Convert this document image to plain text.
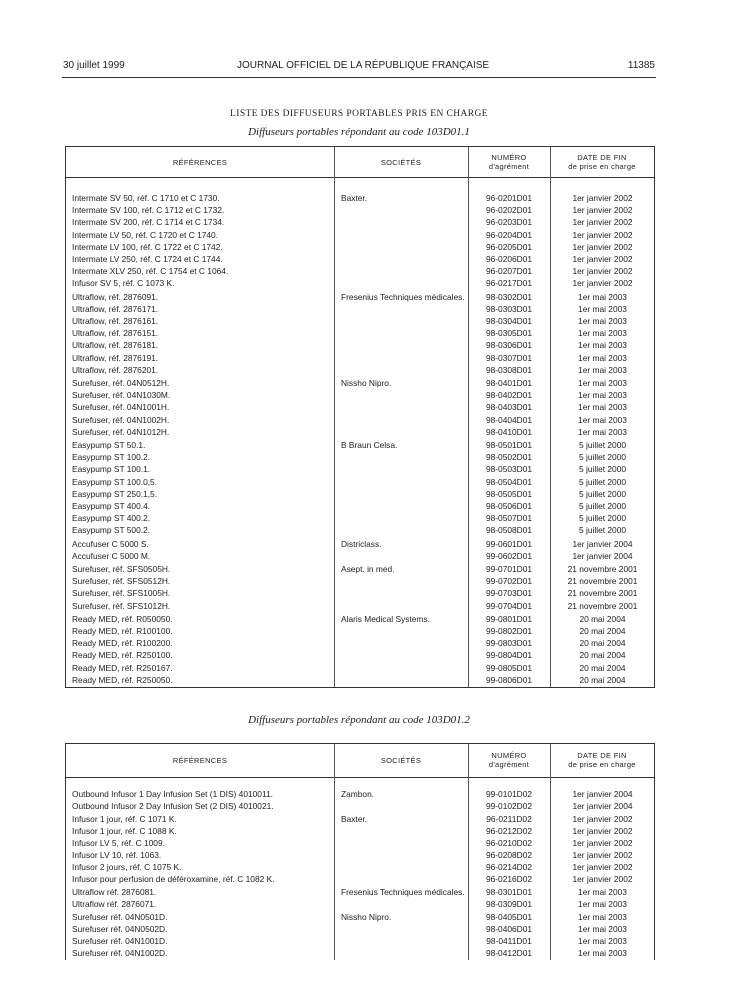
30 juillet 1999	JOURNAL OFFICIEL DE LA RÉPUBLIQUE FRANÇAISE	11385
LISTE DES DIFFUSEURS PORTABLES PRIS EN CHARGE
Diffuseurs portables répondant au code 103D01.1
RÉFÉRENCES	SOCIÉTÉS
NUMÉRO
d'agrément
DATE DE FIN
de prise en charge
Intermate SV 50, réf. C 1710 et C 1730.	Baxter.	96-0201D01	1er janvier 2002
Intermate SV 100, réf. C 1712 et C 1732.	96-0202D01	1er janvier 2002
Intermate SV 200, réf. C 1714 et C 1734.	96-0203D01	1er janvier 2002
Intermate LV 50, réf. C 1720 et C 1740.	96-0204D01	1er janvier 2002
Intermate LV 100, réf. C 1722 et C 1742.	96-0205D01	1er janvier 2002
Intermate LV 250, réf. C 1724 et C 1744.	96-0206D01	1er janvier 2002
Intermate XLV 250, réf. C 1754 et C 1064.	96-0207D01	1er janvier 2002
Infusor SV 5, réf. C 1073 K.	96-0217D01	1er janvier 2002
Ultraflow, réf. 2876091.	Fresenius Techniques médicales.	98-0302D01	1er mai 2003
Ultraflow, réf. 2876171.	98-0303D01	1er mai 2003
Ultraflow, réf. 2876161.	98-0304D01	1er mai 2003
Ultraflow, réf. 2876151.	98-0305D01	1er mai 2003
Ultraflow, réf. 2876181.	98-0306D01	1er mai 2003
Ultraflow, réf. 2876191.	98-0307D01	1er mai 2003
Ultraflow, réf. 2876201.	98-0308D01	1er mai 2003
Surefuser, réf. 04N0512H.	Nissho Nipro.	98-0401D01	1er mai 2003
Surefuser, réf. 04N1030M.	98-0402D01	1er mai 2003
Surefuser, réf. 04N1001H.	98-0403D01	1er mai 2003
Surefuser, réf. 04N1002H.	98-0404D01	1er mai 2003
Surefuser, réf. 04N1012H.	98-0410D01	1er mai 2003
Easypump ST 50.1.	B Braun Celsa.	98-0501D01	5 juillet 2000
Easypump ST 100.2.	98-0502D01	5 juillet 2000
Easypump ST 100.1.	98-0503D01	5 juillet 2000
Easypump ST 100.0,5.	98-0504D01	5 juillet 2000
Easypump ST 250.1,5.	98-0505D01	5 juillet 2000
Easypump ST 400.4.	98-0506D01	5 juillet 2000
Easypump ST 400.2.	98-0507D01	5 juillet 2000
Easypump ST 500.2.	98-0508D01	5 juillet 2000
Accufuser C 5000 S.	Districlass.	99-0601D01	1er janvier 2004
Accufuser C 5000 M.	99-0602D01	1er janvier 2004
Surefuser, réf. SFS0505H.	Asept. in med.	99-0701D01	21 novembre 2001
Surefuser, réf. SFS0512H.	99-0702D01	21 novembre 2001
Surefuser, réf. SFS1005H.	99-0703D01	21 novembre 2001
Surefuser, réf. SFS1012H.	99-0704D01	21 novembre 2001
Ready MED, réf. R050050.	Alaris Medical Systems.	99-0801D01	20 mai 2004
Ready MED, réf. R100100.	99-0802D01	20 mai 2004
Ready MED, réf. R100200.	99-0803D01	20 mai 2004
Ready MED, réf. R250100.	99-0804D01	20 mai 2004
Ready MED, réf. R250167.	99-0805D01	20 mai 2004
Ready MED, réf. R250050.	99-0806D01	20 mai 2004
Diffuseurs portables répondant au code 103D01.2
RÉFÉRENCES	SOCIÉTÉS
NUMÉRO
d'agrément
DATE DE FIN
de prise en charge
Outbound Infusor 1 Day Infusion Set (1 DIS) 4010011.	Zambon.	99-0101D02	1er janvier 2004
Outbound Infusor 2 Day Infusion Set (2 DIS) 4010021.	99-0102D02	1er janvier 2004
Infusor 1 jour, réf. C 1071 K.	Baxter.	96-0211D02	1er janvier 2002
Infusor 1 jour, réf. C 1088 K.	96-0212D02	1er janvier 2002
Infusor LV 5, réf. C 1009.	96-0210D02	1er janvier 2002
Infusor LV 10, réf. 1063.	96-0208D02	1er janvier 2002
Infusor 2 jours, réf. C 1075 K.	96-0214D02	1er janvier 2002
Infusor pour perfusion de déféroxamine, réf. C 1082 K.	96-0216D02	1er janvier 2002
Ultraflow réf. 2876081.	Fresenius Techniques médicales.	98-0301D01	1er mai 2003
Ultraflow réf. 2876071.	98-0309D01	1er mai 2003
Surefuser réf. 04N0501D.	Nissho Nipro.	98-0405D01	1er mai 2003
Surefuser réf. 04N0502D.	98-0406D01	1er mai 2003
Surefuser réf. 04N1001D.	98-0411D01	1er mai 2003
Surefuser réf. 04N1002D.	98-0412D01	1er mai 2003
